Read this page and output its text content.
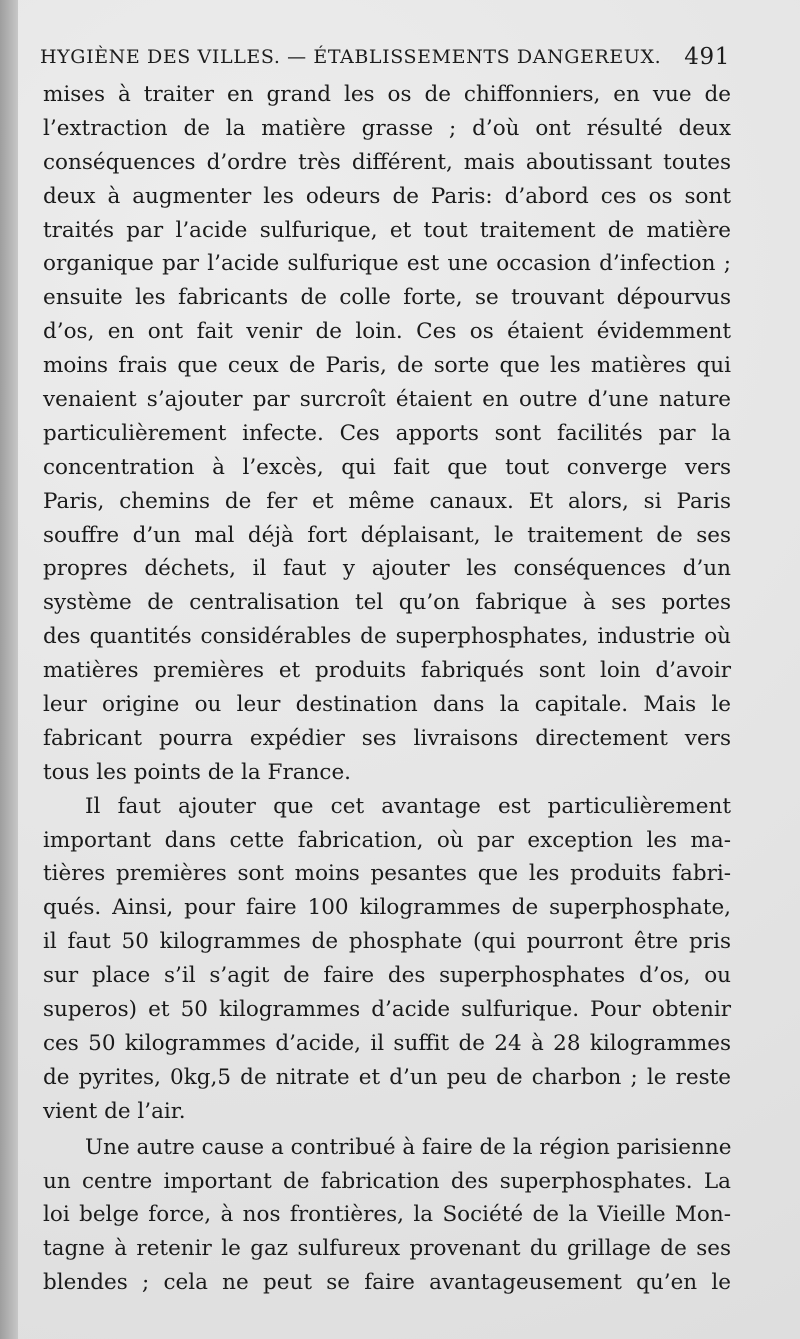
HYGIÈNE DES VILLES. — ÉTABLISSEMENTS DANGEREUX. 491
mises à traiter en grand les os de chiffonniers, en vue de
l’extraction de la matière grasse ; d’où ont résulté deux
conséquences d’ordre très différent, mais aboutissant toutes
deux à augmenter les odeurs de Paris: d’abord ces os sont
traités par l’acide sulfurique, et tout traitement de matière
organique par l’acide sulfurique est une occasion d’infection ;
ensuite les fabricants de colle forte, se trouvant dépourvus
d’os, en ont fait venir de loin. Ces os étaient évidemment
moins frais que ceux de Paris, de sorte que les matières qui
venaient s’ajouter par surcroît étaient en outre d’une nature
particulièrement infecte. Ces apports sont facilités par la
concentration à l’excès, qui fait que tout converge vers
Paris, chemins de fer et même canaux. Et alors, si Paris
souffre d’un mal déjà fort déplaisant, le traitement de ses
propres déchets, il faut y ajouter les conséquences d’un
système de centralisation tel qu’on fabrique à ses portes
des quantités considérables de superphosphates, industrie où
matières premières et produits fabriqués sont loin d’avoir
leur origine ou leur destination dans la capitale. Mais le
fabricant pourra expédier ses livraisons directement vers
tous les points de la France.
Il faut ajouter que cet avantage est particulièrement
important dans cette fabrication, où par exception les ma-
tières premières sont moins pesantes que les produits fabri-
qués. Ainsi, pour faire 100 kilogrammes de superphosphate,
il faut 50 kilogrammes de phosphate (qui pourront être pris
sur place s’il s’agit de faire des superphosphates d’os, ou
superos) et 50 kilogrammes d’acide sulfurique. Pour obtenir
ces 50 kilogrammes d’acide, il suffit de 24 à 28 kilogrammes
de pyrites, 0kg,5 de nitrate et d’un peu de charbon ; le reste
vient de l’air.
Une autre cause a contribué à faire de la région parisienne
un centre important de fabrication des superphosphates. La
loi belge force, à nos frontières, la Société de la Vieille Mon-
tagne à retenir le gaz sulfureux provenant du grillage de ses
blendes ; cela ne peut se faire avantageusement qu’en le
